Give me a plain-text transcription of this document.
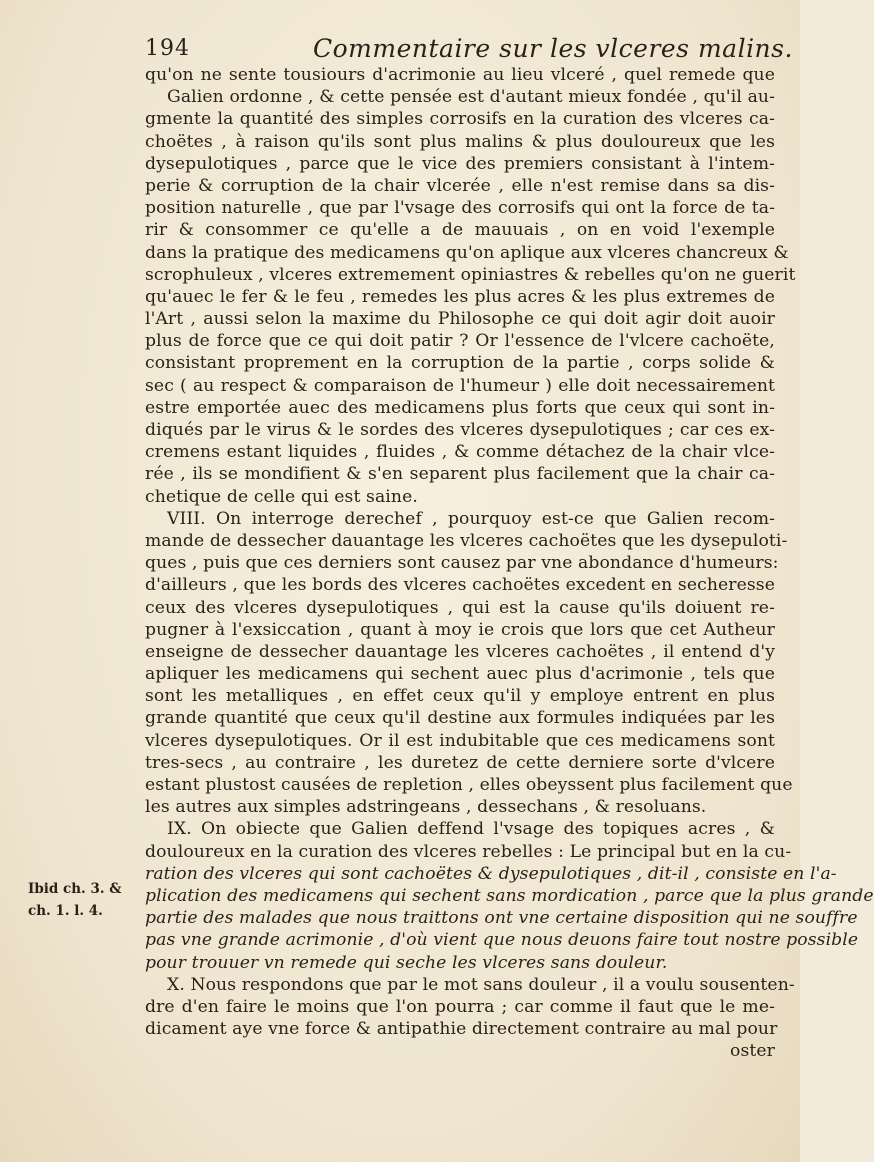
194	Commentaire sur les vlceres malins.
Ibid ch. 3. &
ch. 1. l. 4.
qu'on ne sente tousiours d'acrimonie au lieu vlceré , quel remede que
Galien ordonne , & cette pensée est d'autant mieux fondée , qu'il au-
gmente la quantité des simples corrosifs en la curation des vlceres ca-
choëtes , à raison qu'ils sont plus malins & plus douloureux que les
dysepulotiques , parce que le vice des premiers consistant à l'intem-
perie & corruption de la chair vlcerée , elle n'est remise dans sa dis-
position naturelle , que par l'vsage des corrosifs qui ont la force de ta-
rir & consommer ce qu'elle a de mauuais , on en void l'exemple
dans la pratique des medicamens qu'on aplique aux vlceres chancreux &
scrophuleux , vlceres extremement opiniastres & rebelles qu'on ne guerit
qu'auec le fer & le feu , remedes les plus acres & les plus extremes de
l'Art , aussi selon la maxime du Philosophe ce qui doit agir doit auoir
plus de force que ce qui doit patir ? Or l'essence de l'vlcere cachoëte,
consistant proprement en la corruption de la partie , corps solide &
sec ( au respect & comparaison de l'humeur ) elle doit necessairement
estre emportée auec des medicamens plus forts que ceux qui sont in-
diqués par le virus & le sordes des vlceres dysepulotiques ; car ces ex-
cremens estant liquides , fluides , & comme détachez de la chair vlce-
rée , ils se mondifient & s'en separent plus facilement que la chair ca-
chetique de celle qui est saine.
VIII. On interroge derechef , pourquoy est-ce que Galien recom-
mande de dessecher dauantage les vlceres cachoëtes que les dysepuloti-
ques , puis que ces derniers sont causez par vne abondance d'humeurs:
d'ailleurs , que les bords des vlceres cachoëtes excedent en secheresse
ceux des vlceres dysepulotiques , qui est la cause qu'ils doiuent re-
pugner à l'exsiccation , quant à moy ie crois que lors que cet Autheur
enseigne de dessecher dauantage les vlceres cachoëtes , il entend d'y
apliquer les medicamens qui sechent auec plus d'acrimonie , tels que
sont les metalliques , en effet ceux qu'il y employe entrent en plus
grande quantité que ceux qu'il destine aux formules indiquées par les
vlceres dysepulotiques. Or il est indubitable que ces medicamens sont
tres-secs , au contraire , les duretez de cette derniere sorte d'vlcere
estant plustost causées de repletion , elles obeyssent plus facilement que
les autres aux simples adstringeans , dessechans , & resoluans.
IX. On obiecte que Galien deffend l'vsage des topiques acres , &
douloureux en la curation des vlceres rebelles : Le principal but en la cu-
ration des vlceres qui sont cachoëtes & dysepulotiques , dit-il , consiste en l'a-
plication des medicamens qui sechent sans mordication , parce que la plus grande
partie des malades que nous traittons ont vne certaine disposition qui ne souffre
pas vne grande acrimonie , d'où vient que nous deuons faire tout nostre possible
pour trouuer vn remede qui seche les vlceres sans douleur.
X. Nous respondons que par le mot sans douleur , il a voulu sousenten-
dre d'en faire le moins que l'on pourra ; car comme il faut que le me-
dicament aye vne force & antipathie directement contraire au mal pour
oster
